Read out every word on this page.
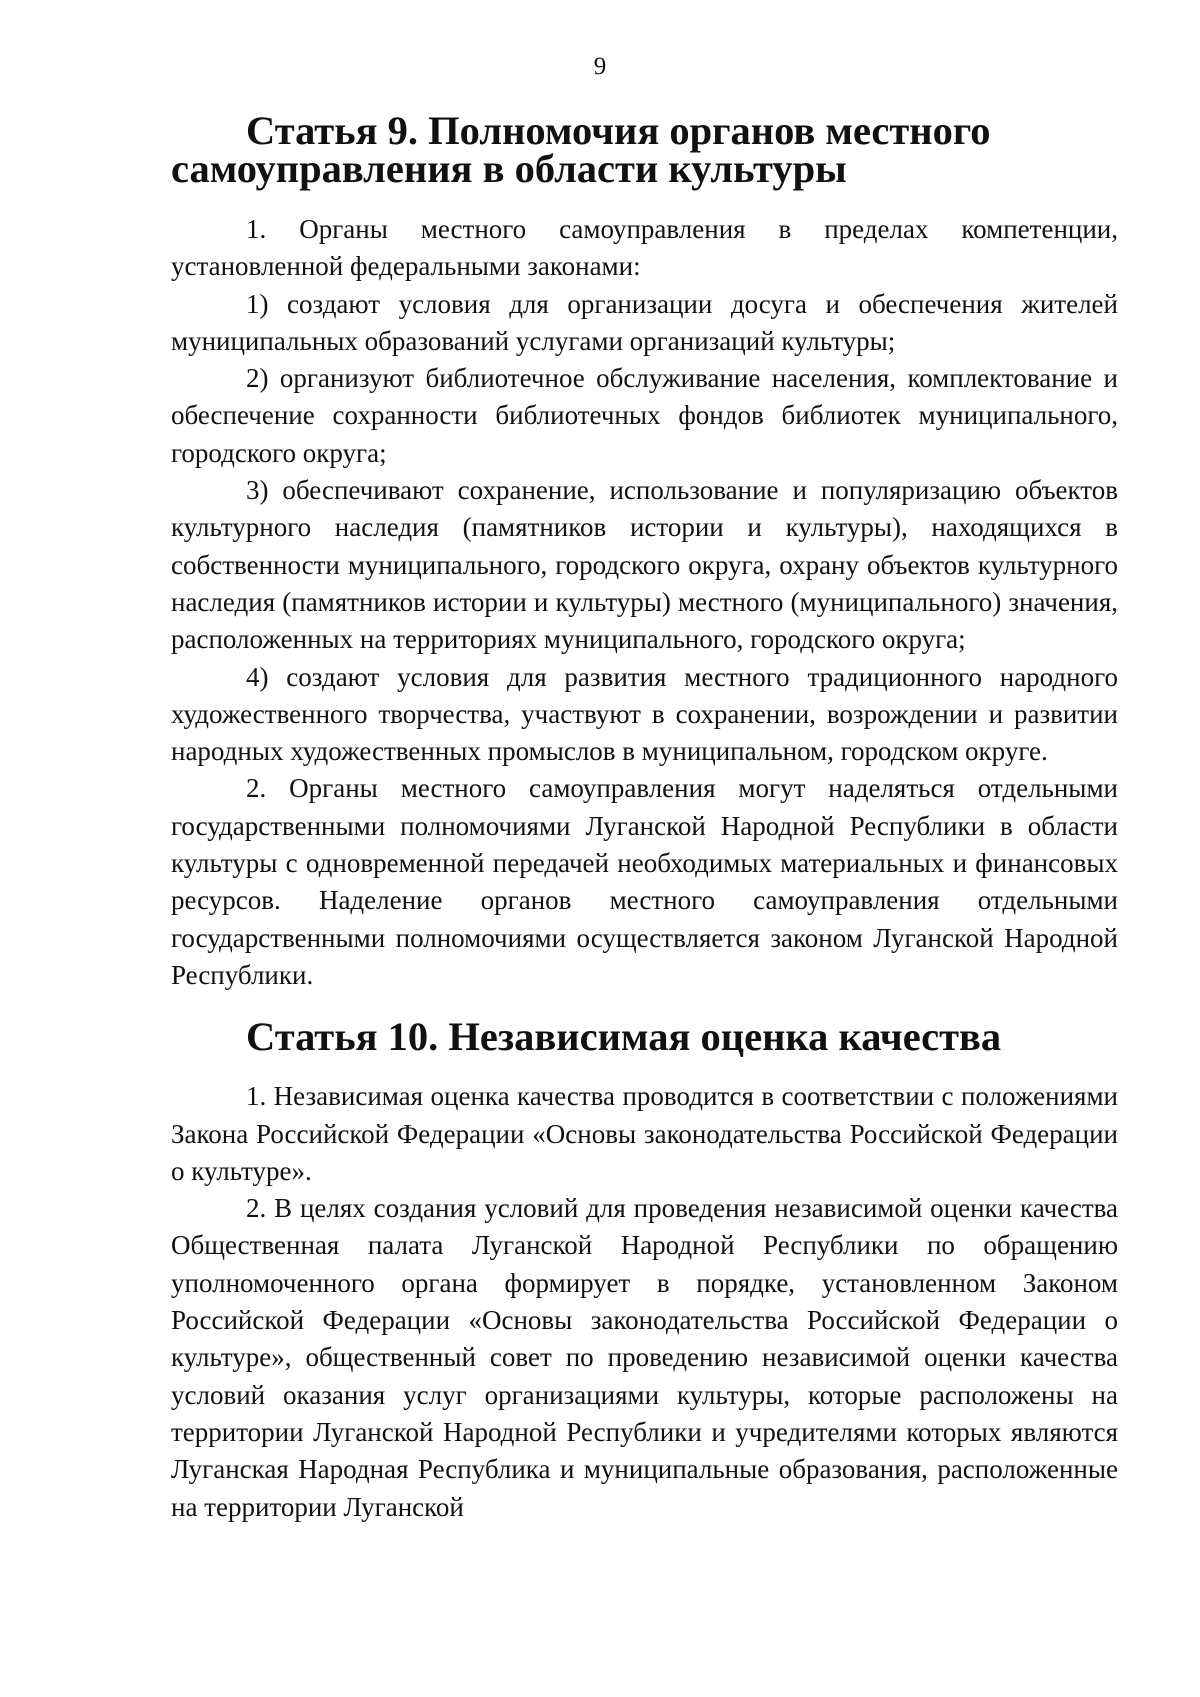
9
Статья 9. Полномочия органов местного самоуправления в области культуры

1. Органы местного самоуправления в пределах компетенции, установленной федеральными законами:

1) создают условия для организации досуга и обеспечения жителей муниципальных образований услугами организаций культуры;

2) организуют библиотечное обслуживание населения, комплектование и обеспечение сохранности библиотечных фондов библиотек муниципального, городского округа;

3) обеспечивают сохранение, использование и популяризацию объектов культурного наследия (памятников истории и культуры), находящихся в собственности муниципального, городского округа, охрану объектов культурного наследия (памятников истории и культуры) местного (муниципального) значения, расположенных на территориях муниципального, городского округа;

4) создают условия для развития местного традиционного народного художественного творчества, участвуют в сохранении, возрождении и развитии народных художественных промыслов в муниципальном, городском округе.

2. Органы местного самоуправления могут наделяться отдельными государственными полномочиями Луганской Народной Республики в области культуры с одновременной передачей необходимых материальных и финансовых ресурсов. Наделение органов местного самоуправления отдельными государственными полномочиями осуществляется законом Луганской Народной Республики.

Статья 10. Независимая оценка качества

1. Независимая оценка качества проводится в соответствии с положениями Закона Российской Федерации «Основы законодательства Российской Федерации о культуре».

2. В целях создания условий для проведения независимой оценки качества Общественная палата Луганской Народной Республики по обращению уполномоченного органа формирует в порядке, установленном Законом Российской Федерации «Основы законодательства Российской Федерации о культуре», общественный совет по проведению независимой оценки качества условий оказания услуг организациями культуры, которые расположены на территории Луганской Народной Республики и учредителями которых являются Луганская Народная Республика и муниципальные образования, расположенные на территории Луганской
